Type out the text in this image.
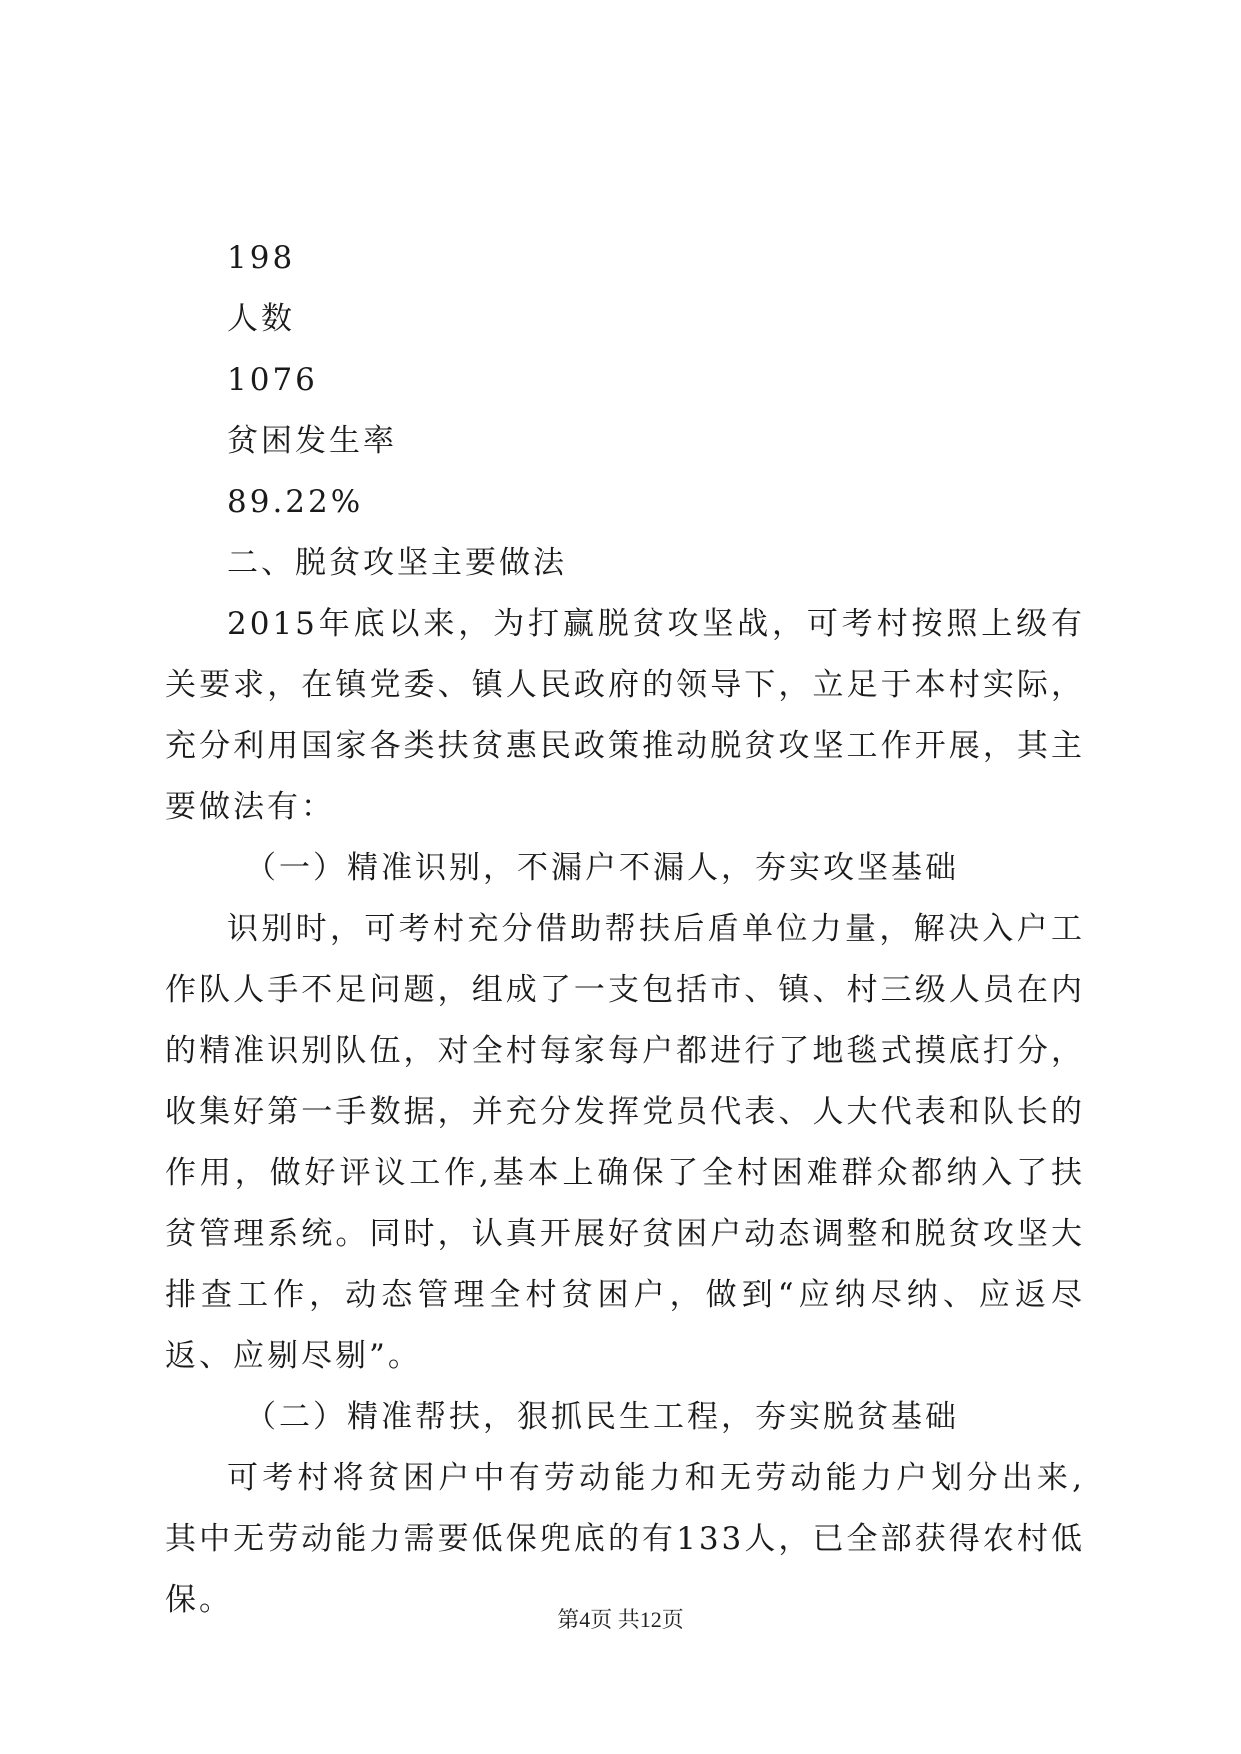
198

人数

1076

贫困发生率

89.22%

二、脱贫攻坚主要做法

2015年底以来，为打赢脱贫攻坚战，可考村按照上级有关要求，在镇党委、镇人民政府的领导下，立足于本村实际，充分利用国家各类扶贫惠民政策推动脱贫攻坚工作开展，其主要做法有：

（一）精准识别，不漏户不漏人，夯实攻坚基础

识别时，可考村充分借助帮扶后盾单位力量，解决入户工作队人手不足问题，组成了一支包括市、镇、村三级人员在内的精准识别队伍，对全村每家每户都进行了地毯式摸底打分，收集好第一手数据，并充分发挥党员代表、人大代表和队长的作用，做好评议工作,基本上确保了全村困难群众都纳入了扶贫管理系统。同时，认真开展好贫困户动态调整和脱贫攻坚大排查工作，动态管理全村贫困户，做到“应纳尽纳、应返尽返、应剔尽剔”。

（二）精准帮扶，狠抓民生工程，夯实脱贫基础

可考村将贫困户中有劳动能力和无劳动能力户划分出来,其中无劳动能力需要低保兜底的有133人，已全部获得农村低保。

第4页 共12页
